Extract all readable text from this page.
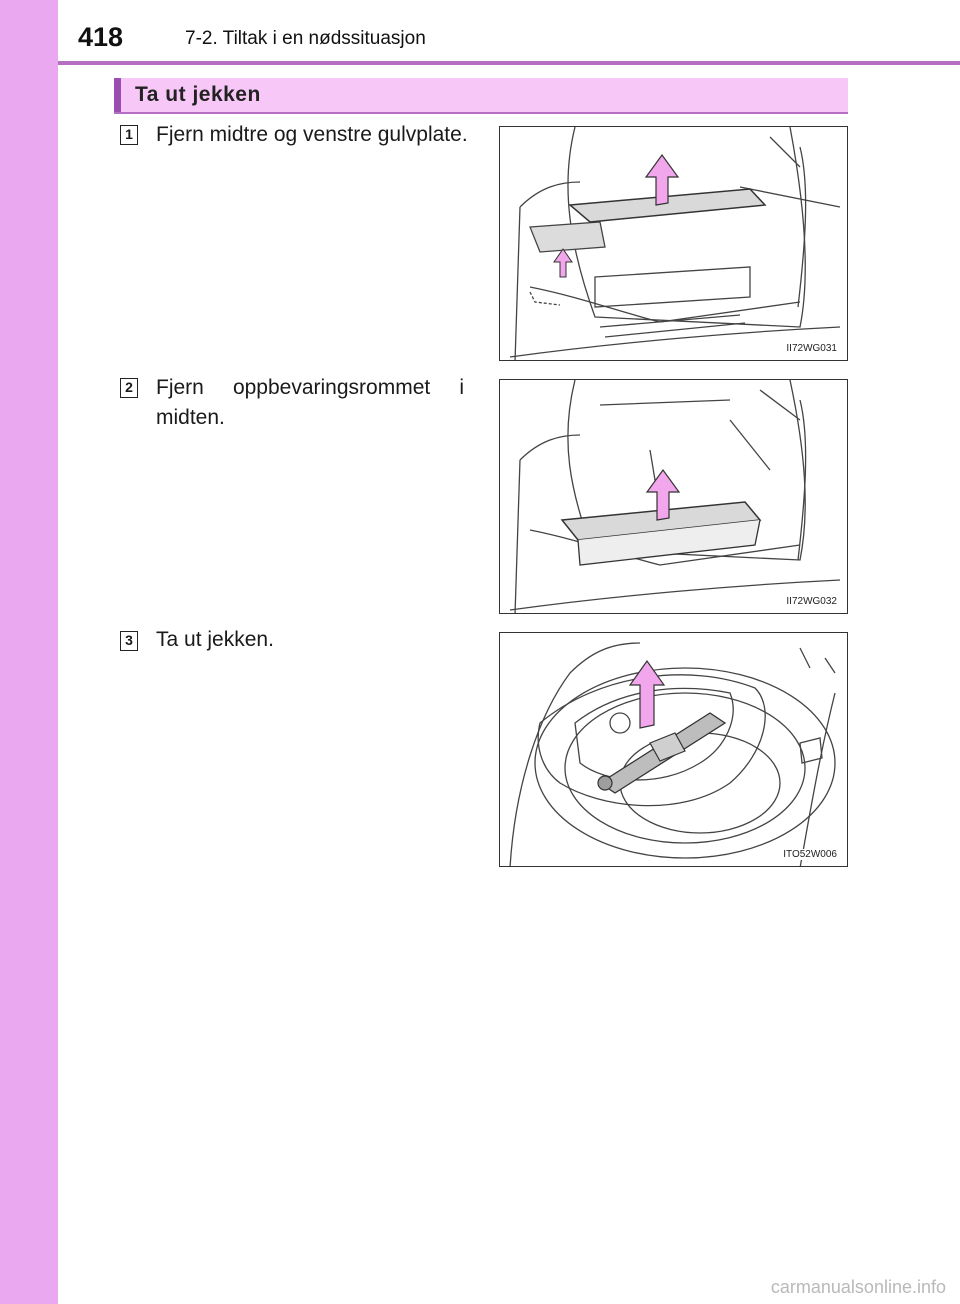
418	7-2. Tiltak i en nødssituasjon
Ta ut jekken
1 Fjern midtre og venstre gulvplate.
II72WG031
2 Fjern oppbevaringsrommet i midten.
II72WG032
3 Ta ut jekken.
ITO52W006
carmanualsonline.info
